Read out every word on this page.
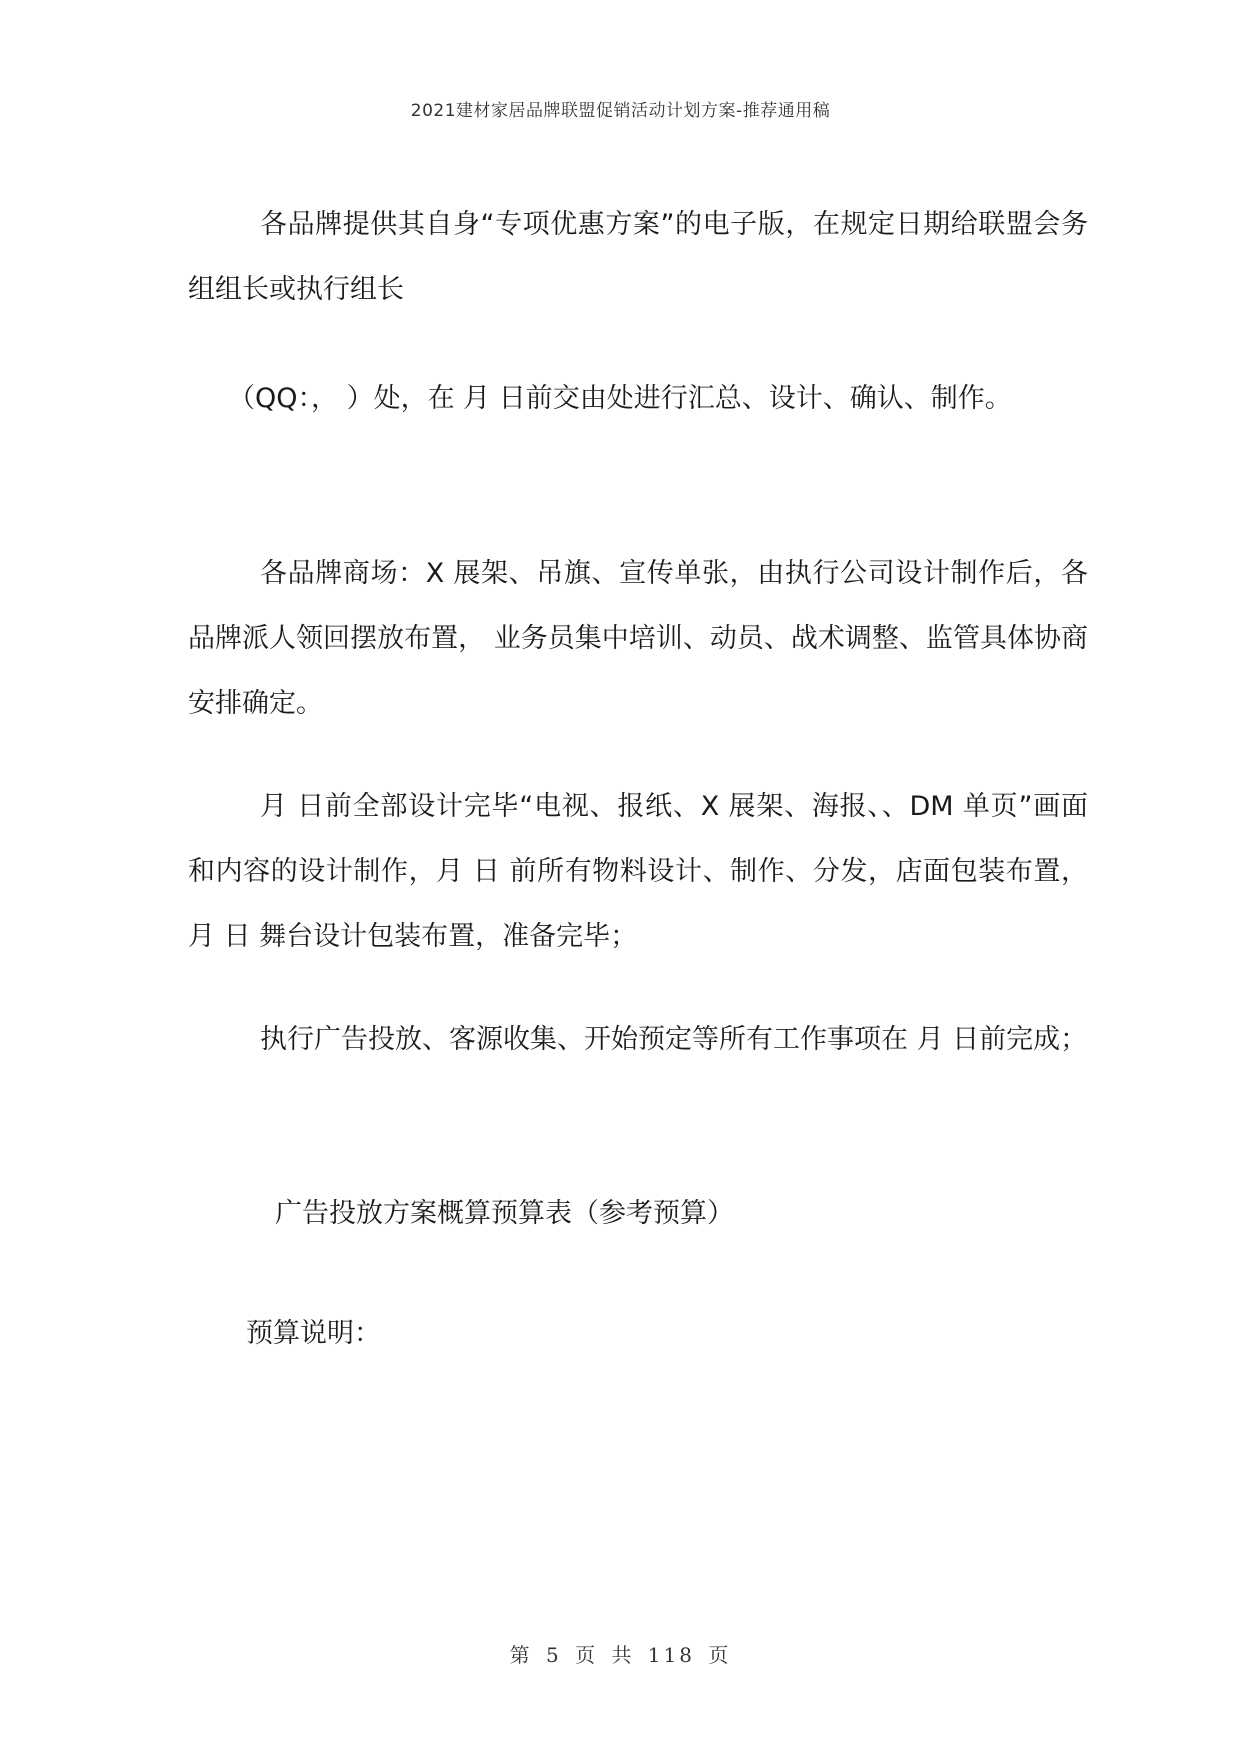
2021建材家居品牌联盟促销活动计划方案-推荐通用稿

各品牌提供其自身“专项优惠方案”的电子版，在规定日期给联盟会务组组长或执行组长

（QQ：， ）处，在 月 日前交由处进行汇总、设计、确认、制作。

各品牌商场：X 展架、吊旗、宣传单张，由执行公司设计制作后，各品牌派人领回摆放布置， 业务员集中培训、动员、战术调整、监管具体协商安排确定。

月 日前全部设计完毕“电视、报纸、X 展架、海报、、DM 单页”画面和内容的设计制作，月 日 前所有物料设计、制作、分发，店面包装布置， 月 日 舞台设计包装布置，准备完毕；

执行广告投放、客源收集、开始预定等所有工作事项在 月 日前完成；

广告投放方案概算预算表（参考预算）
预算说明：
第 5 页 共 118 页
